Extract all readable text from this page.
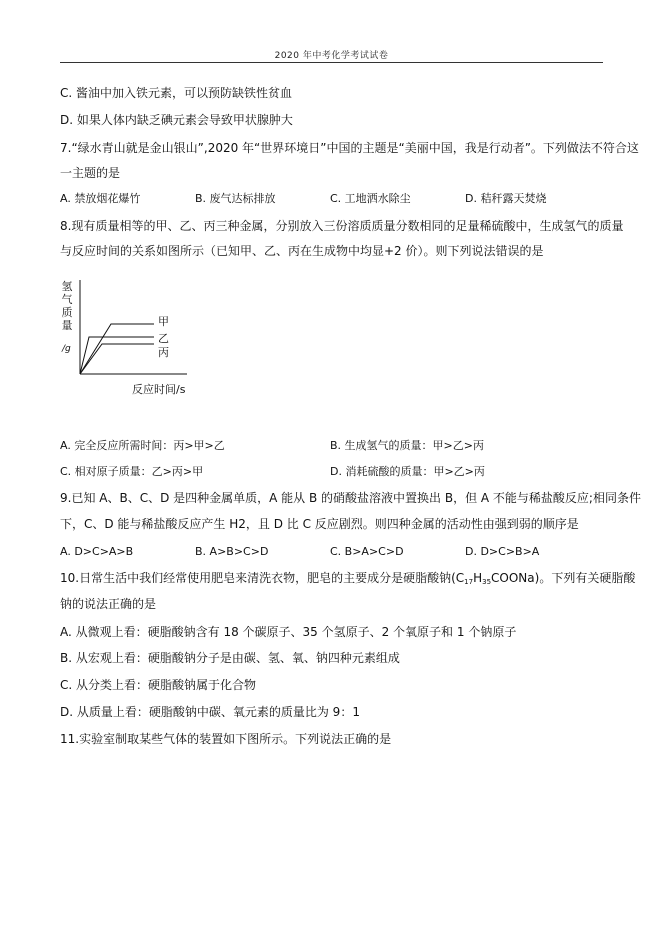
2020 年中考化学考试试卷
C. 酱油中加入铁元素，可以预防缺铁性贫血
D. 如果人体内缺乏碘元素会导致甲状腺肿大
7.“绿水青山就是金山银山”,2020 年“世界环境日”中国的主题是“美丽中国，我是行动者”。下列做法不符合这
一主题的是
A. 禁放烟花爆竹	B. 废气达标排放	C. 工地洒水除尘	D. 秸秆露天焚烧
8.现有质量相等的甲、乙、丙三种金属，分别放入三份溶质质量分数相同的足量稀硫酸中，生成氢气的质量
与反应时间的关系如图所示（已知甲、乙、丙在生成物中均显+2 价）。则下列说法错误的是
氢
气
质
量
/g
甲
乙
丙
反应时间/s
A. 完全反应所需时间：丙>甲>乙	B. 生成氢气的质量：甲>乙>丙
C. 相对原子质量：乙>丙>甲	D. 消耗硫酸的质量：甲>乙>丙
9.已知 A、B、C、D 是四种金属单质，A 能从 B 的硝酸盐溶液中置换出 B，但 A 不能与稀盐酸反应;相同条件
下，C、D 能与稀盐酸反应产生 H2，且 D 比 C 反应剧烈。则四种金属的活动性由强到弱的顺序是
A. D>C>A>B	B. A>B>C>D	C. B>A>C>D	D. D>C>B>A
10.日常生活中我们经常使用肥皂来清洗衣物，肥皂的主要成分是硬脂酸钠$(C_{17}H_{35}COONa)$。下列有关硬脂酸
钠的说法正确的是
A. 从微观上看：硬脂酸钠含有 18 个碳原子、35 个氢原子、2 个氧原子和 1 个钠原子
B. 从宏观上看：硬脂酸钠分子是由碳、氢、氧、钠四种元素组成
C. 从分类上看：硬脂酸钠属于化合物
D. 从质量上看：硬脂酸钠中碳、氧元素的质量比为 9：1
11.实验室制取某些气体的装置如下图所示。下列说法正确的是
